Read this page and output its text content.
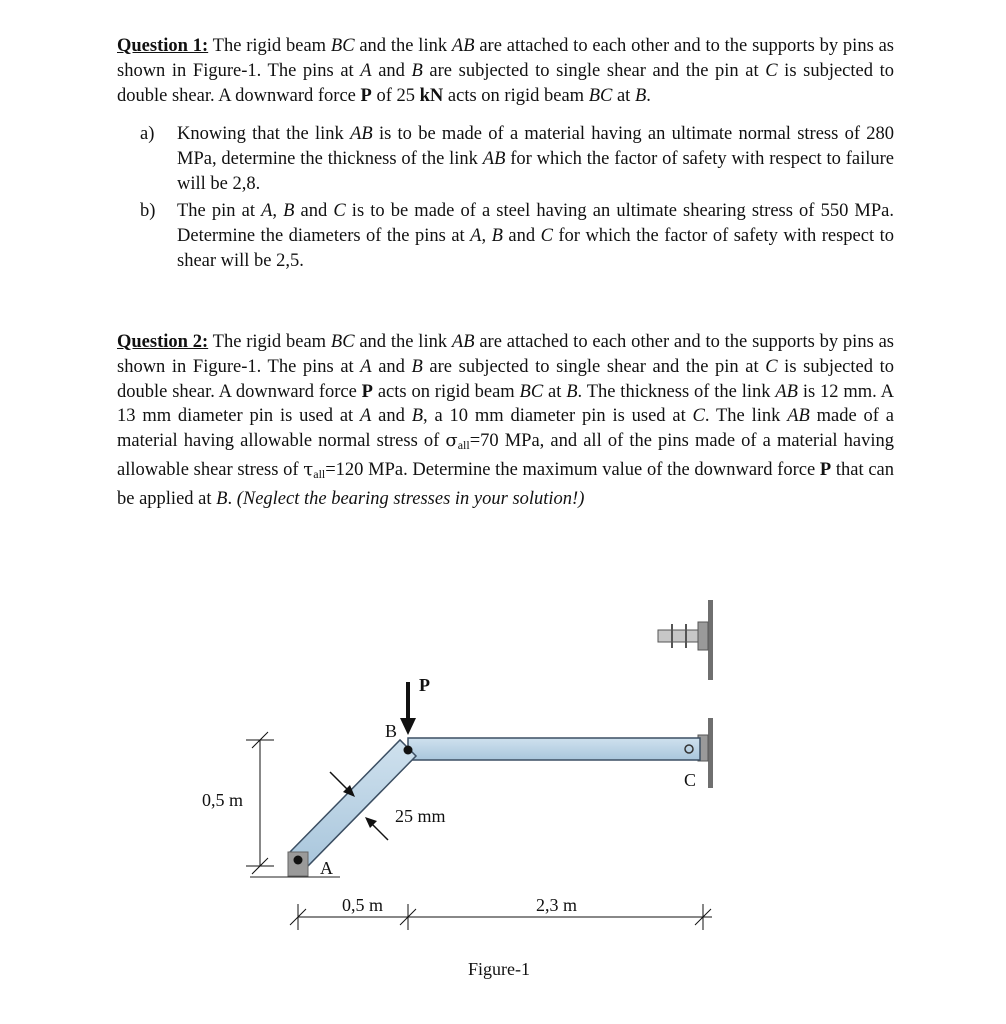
Question 1: The rigid beam BC and the link AB are attached to each other and to the supports by pins as shown in Figure-1. The pins at A and B are subjected to single shear and the pin at C is subjected to double shear. A downward force P of 25 kN acts on rigid beam BC at B.
a)	Knowing that the link AB is to be made of a material having an ultimate normal stress of 280 MPa, determine the thickness of the link AB for which the factor of safety with respect to failure will be 2,8.
b)	The pin at A, B and C is to be made of a steel having an ultimate shearing stress of 550 MPa. Determine the diameters of the pins at A, B and C for which the factor of safety with respect to shear will be 2,5.
Question 2: The rigid beam BC and the link AB are attached to each other and to the supports by pins as shown in Figure-1. The pins at A and B are subjected to single shear and the pin at C is subjected to double shear. A downward force P acts on rigid beam BC at B. The thickness of the link AB is 12 mm. A 13 mm diameter pin is used at A and B, a 10 mm diameter pin is used at C. The link AB made of a material having allowable normal stress of $\sigma_{all}=70$ MPa, and all of the pins made of a material having allowable shear stress of $\tau_{all}=120$ MPa. Determine the maximum value of the downward force P that can be applied at B. (Neglect the bearing stresses in your solution!)
P
B
A
C
0,5 m
25 mm
0,5 m	2,3 m
Figure-1
